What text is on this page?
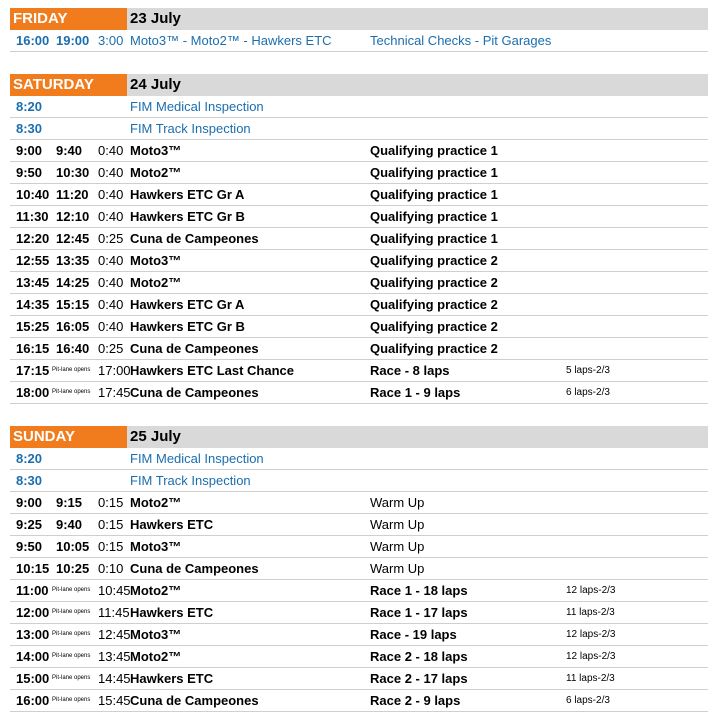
FRIDAY	23 July
16:00 19:00 3:00 Moto3™ - Moto2™ - Hawkers ETC	Technical Checks - Pit Garages
SATURDAY	24 July
8:20	FIM Medical Inspection
8:30	FIM Track Inspection
9:00 9:40 0:40 Moto3™	Qualifying practice 1
9:50 10:30 0:40 Moto2™	Qualifying practice 1
10:40 11:20 0:40 Hawkers ETC Gr A	Qualifying practice 1
11:30 12:10 0:40 Hawkers ETC Gr B	Qualifying practice 1
12:20 12:45 0:25 Cuna de Campeones	Qualifying practice 1
12:55 13:35 0:40 Moto3™	Qualifying practice 2
13:45 14:25 0:40 Moto2™	Qualifying practice 2
14:35 15:15 0:40 Hawkers ETC Gr A	Qualifying practice 2
15:25 16:05 0:40 Hawkers ETC Gr B	Qualifying practice 2
16:15 16:40 0:25 Cuna de Campeones	Qualifying practice 2
17:15 Pit-lane opens 17:00 Hawkers ETC Last Chance	Race - 8 laps	5 laps-2/3
18:00 Pit-lane opens 17:45 Cuna de Campeones	Race 1 - 9 laps	6 laps-2/3
SUNDAY	25 July
8:20	FIM Medical Inspection
8:30	FIM Track Inspection
9:00 9:15 0:15 Moto2™	Warm Up
9:25 9:40 0:15 Hawkers ETC	Warm Up
9:50 10:05 0:15 Moto3™	Warm Up
10:15 10:25 0:10 Cuna de Campeones	Warm Up
11:00 Pit-lane opens 10:45 Moto2™	Race 1 - 18 laps	12 laps-2/3
12:00 Pit-lane opens 11:45 Hawkers ETC	Race 1 - 17 laps	11 laps-2/3
13:00 Pit-lane opens 12:45 Moto3™	Race - 19 laps	12 laps-2/3
14:00 Pit-lane opens 13:45 Moto2™	Race 2 - 18 laps	12 laps-2/3
15:00 Pit-lane opens 14:45 Hawkers ETC	Race 2 - 17 laps	11 laps-2/3
16:00 Pit-lane opens 15:45 Cuna de Campeones	Race 2 - 9 laps	6 laps-2/3
